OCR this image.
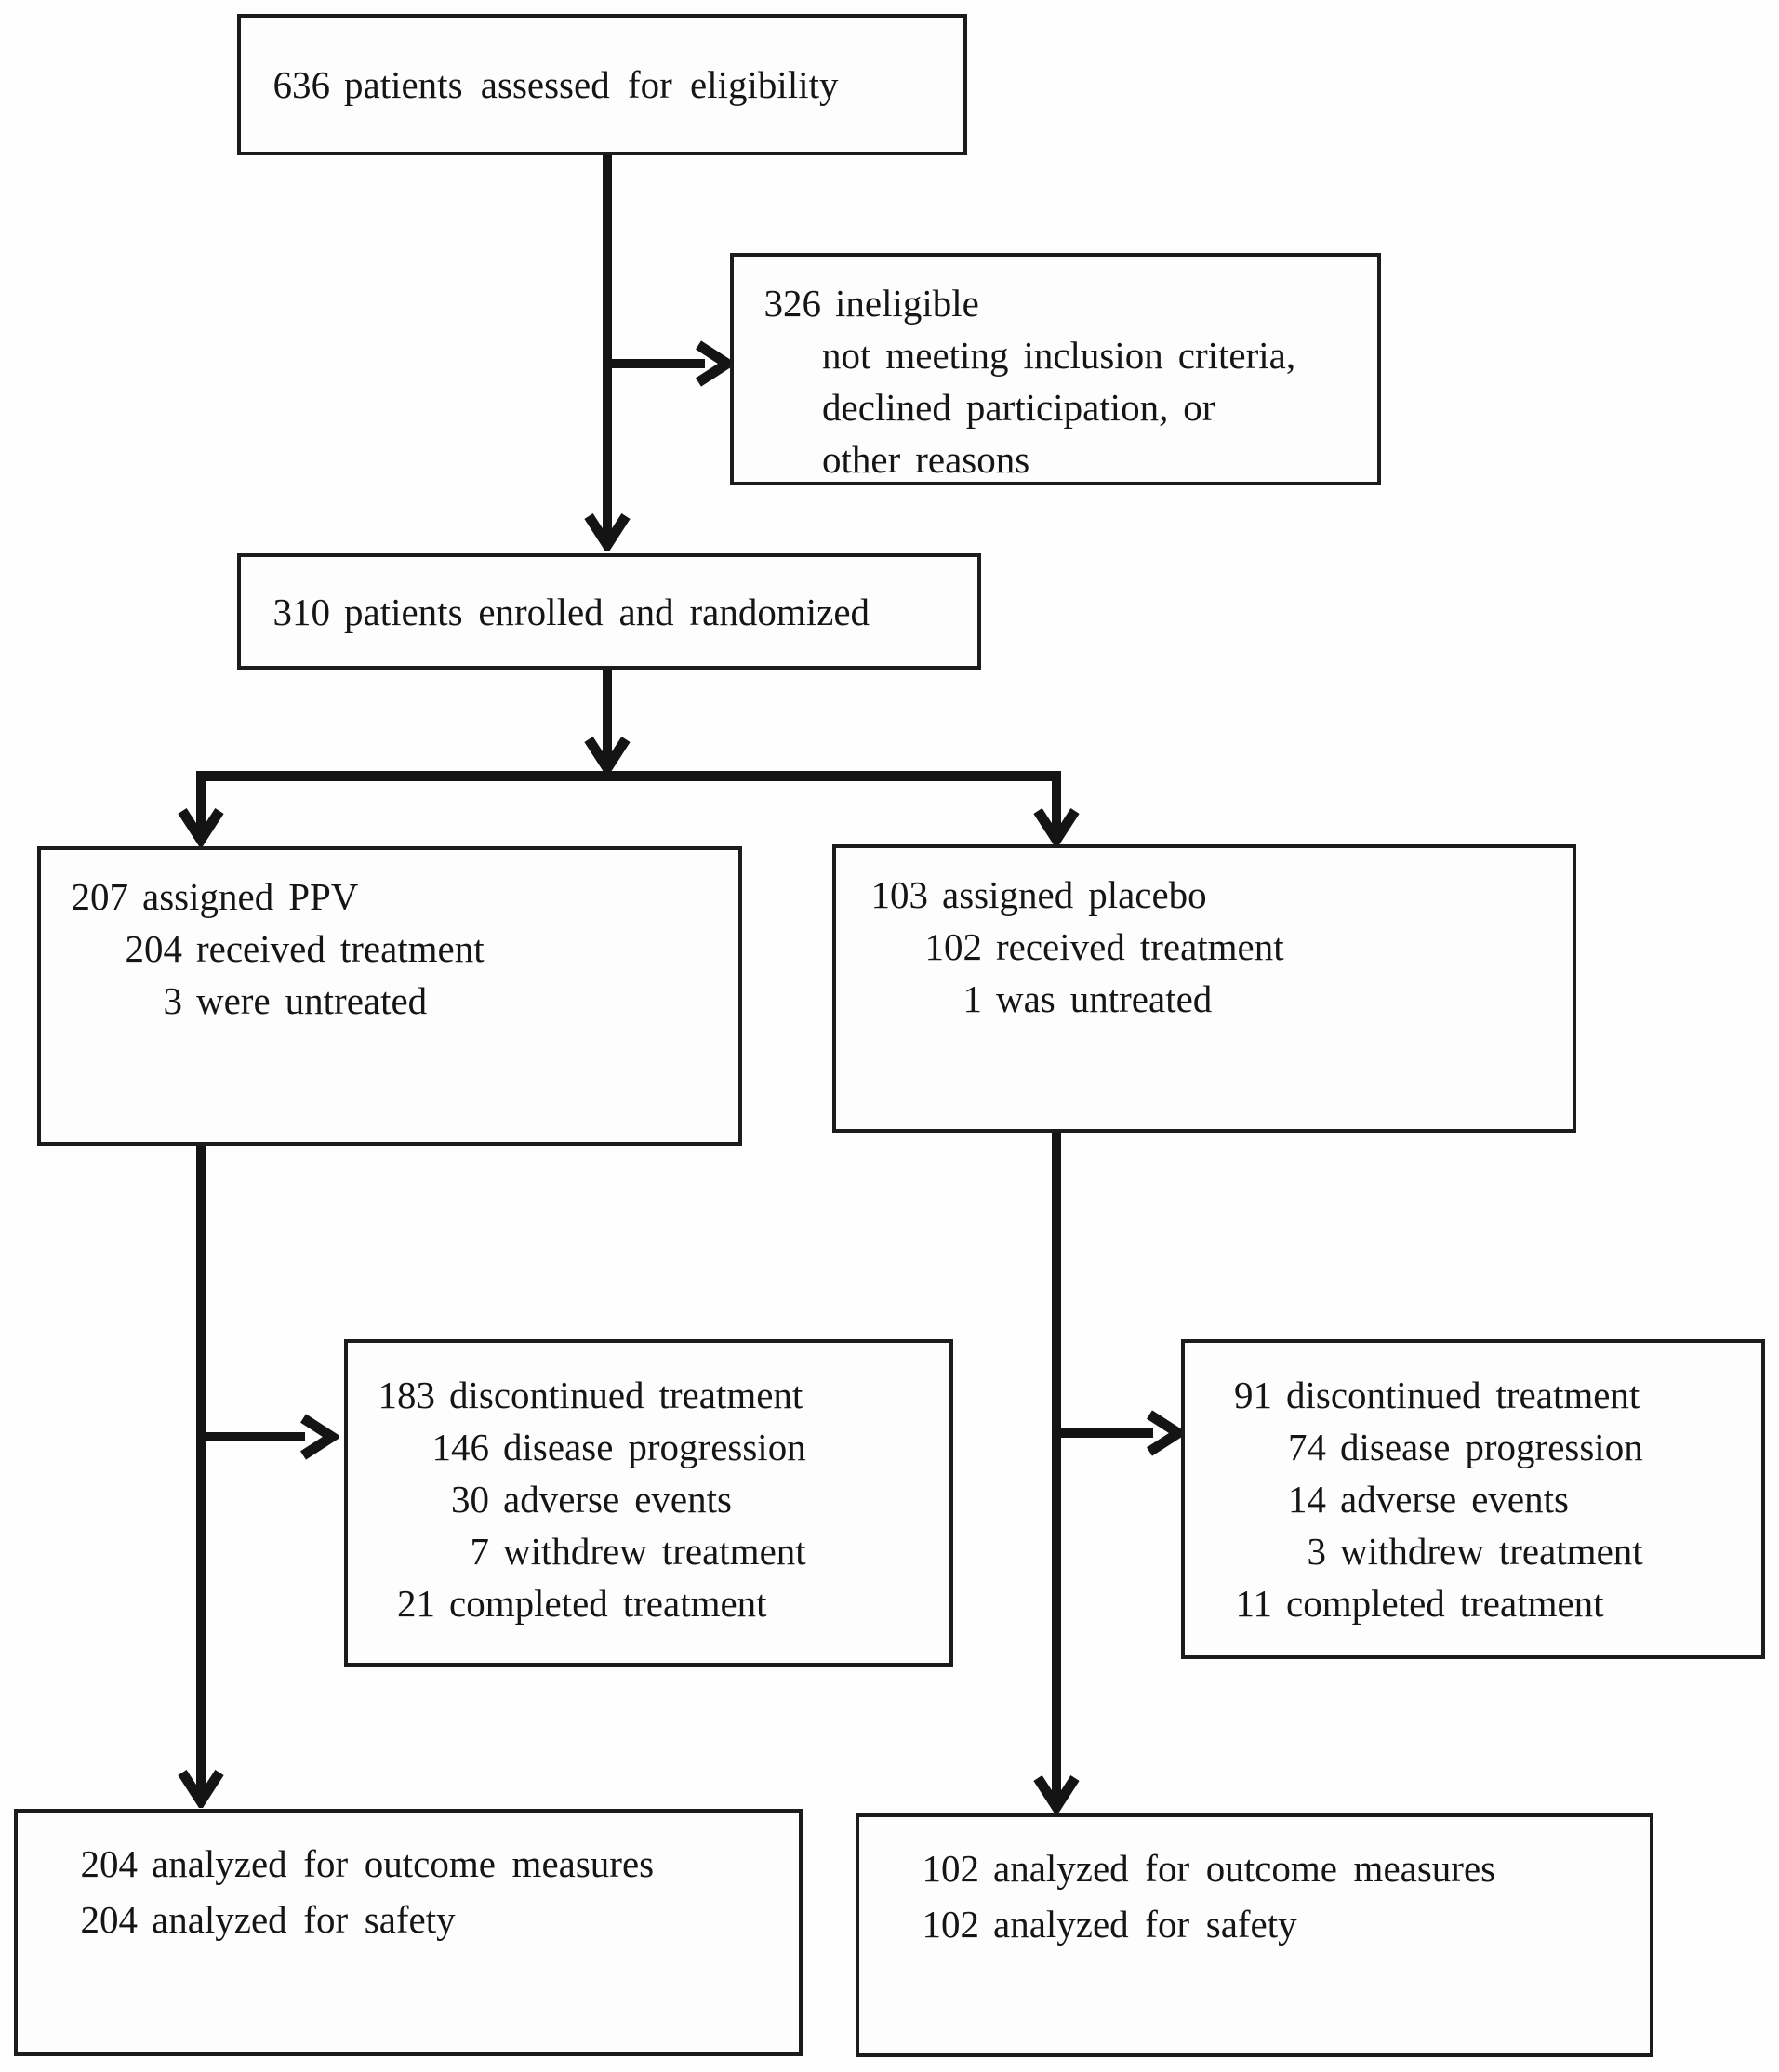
636 patients assessed for eligibility
326 ineligible
not meeting inclusion criteria,
declined participation, or
other reasons
310 patients enrolled and randomized
207 assigned PPV
204 received treatment
3 were untreated
103 assigned placebo
102 received treatment
1 was untreated
183 discontinued treatment
146 disease progression
30 adverse events
7 withdrew treatment
21 completed treatment
91 discontinued treatment
74 disease progression
14 adverse events
3 withdrew treatment
11 completed treatment
204 analyzed for outcome measures
204 analyzed for safety
102 analyzed for outcome measures
102 analyzed for safety
